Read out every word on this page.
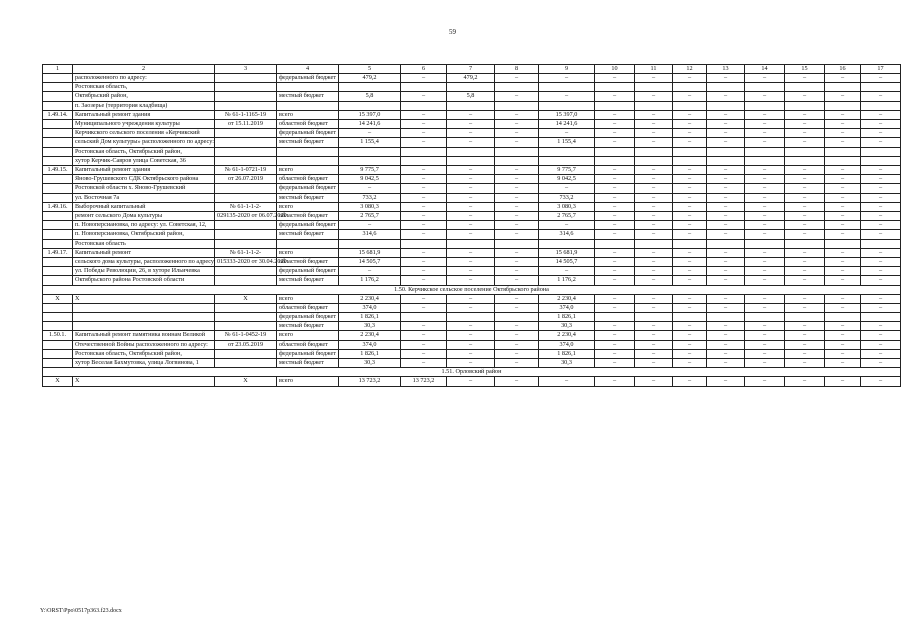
59
1	2	3	4	5	6	7	8	9	10	11	12	13	14	15	16	17
	расположенного по адресу:		федеральный бюджет	479,2	–	479,2	–	–	–	–	–	–	–	–	–	–
	Ростовская область,															
	Октябрьский район,		местный бюджет	5,8	–	5,8	–	–	–	–	–	–	–	–	–	–
	п. Заозерье (территория кладбища)															
1.49.14.	Капитальный ремонт здания	№ 61-1-1165-19	всего	15 397,0	–	–	–	15 397,0	–	–	–	–	–	–	–	–
	Муниципального учреждения культуры	от 15.11.2019	областной бюджет	14 241,6	–	–	–	14 241,6	–	–	–	–	–	–	–	–
	Керчикского сельского поселения «Керчикский		федеральный бюджет	–	–	–	–	–	–	–	–	–	–	–	–	–
	сельский Дом культуры» расположенного по адресу:		местный бюджет	1 155,4	–	–	–	1 155,4	–	–	–	–	–	–	–	–
	Ростовская область, Октябрьский район,															
	хутор Керчик-Савров улица Советская, 36															
1.49.15.	Капитальный ремонт здания	№ 61-1-0721-19	всего	9 775,7	–	–	–	9 775,7	–	–	–	–	–	–	–	–
	Яново-Грушевского СДК Октябрьского района	от 26.07.2019	областной бюджет	9 042,5	–	–	–	9 042,5	–	–	–	–	–	–	–	–
	Ростовской области х. Яново-Грушевский		федеральный бюджет	–	–	–	–	–	–	–	–	–	–	–	–	–
	ул. Восточная 7а		местный бюджет	733,2	–	–	–	733,2	–	–	–	–	–	–	–	–
1.49.16.	Выборочный капитальный	№ 61-1-1-2-	всего	3 080,3	–	–	–	3 080,3	–	–	–	–	–	–	–	–
	ремонт сельского Дома культуры	029135-2020 от 06.07.2020	областной бюджет	2 765,7	–	–	–	2 765,7	–	–	–	–	–	–	–	–
	п. Новоперсиановка, по адресу: ул. Советская, 12,		федеральный бюджет	–	–	–	–	–	–	–	–	–	–	–	–	–
	п. Новоперсиановка, Октябрьский район,		местный бюджет	314,6	–	–	–	314,6	–	–	–	–	–	–	–	–
	Ростовская область															
1.49.17.	Капитальный ремонт	№ 61-1-1-2-	всего	15 681,9	–	–	–	15 681,9	–	–	–	–	–	–	–	–
	сельского дома культуры, расположенного по адресу:	015333-2020 от 30.04.2020	областной бюджет	14 505,7	–	–	–	14 505,7	–	–	–	–	–	–	–	–
	ул. Победы Революции, 26, в хуторе Ильичевка		федеральный бюджет	–	–	–	–	–	–	–	–	–	–	–	–	–
	Октябрьского района Ростовской области		местный бюджет	1 176,2	–	–	–	1 176,2	–	–	–	–	–	–	–	–
1.50. Керчикское сельское поселение Октябрьского района																
Х	Х	Х	всего	2 230,4	–	–	–	2 230,4	–	–	–	–	–	–	–	–
			областной бюджет	374,0	–	–	–	374,0	–	–	–	–	–	–	–	–
			федеральный бюджет	1 826,1				1 826,1								
			местный бюджет	30,3	–	–	–	30,3	–	–	–	–	–	–	–	–
1.50.1.	Капитальный ремонт памятника воинам Великой	№ 61-1-0452-19	всего	2 230,4	–	–	–	2 230,4	–	–	–	–	–	–	–	–
	Отечественной Войны расположенного по адресу:	от 23.05.2019	областной бюджет	374,0	–	–	–	374,0	–	–	–	–	–	–	–	–
	Ростовская область, Октябрьский район,		федеральный бюджет	1 826,1	–	–	–	1 826,1	–	–	–	–	–	–	–	–
	хутор Веселая Бахмутовка, улица Логвинова, 1		местный бюджет	30,3	–	–	–	30,3	–	–	–	–	–	–	–	–
1.51. Орловский район																
Х	Х	Х	всего	13 723,2	13 723,2	–	–	–	–	–	–	–	–	–	–	–
Y:\ORST\Ppo\0517p363.f23.docx
